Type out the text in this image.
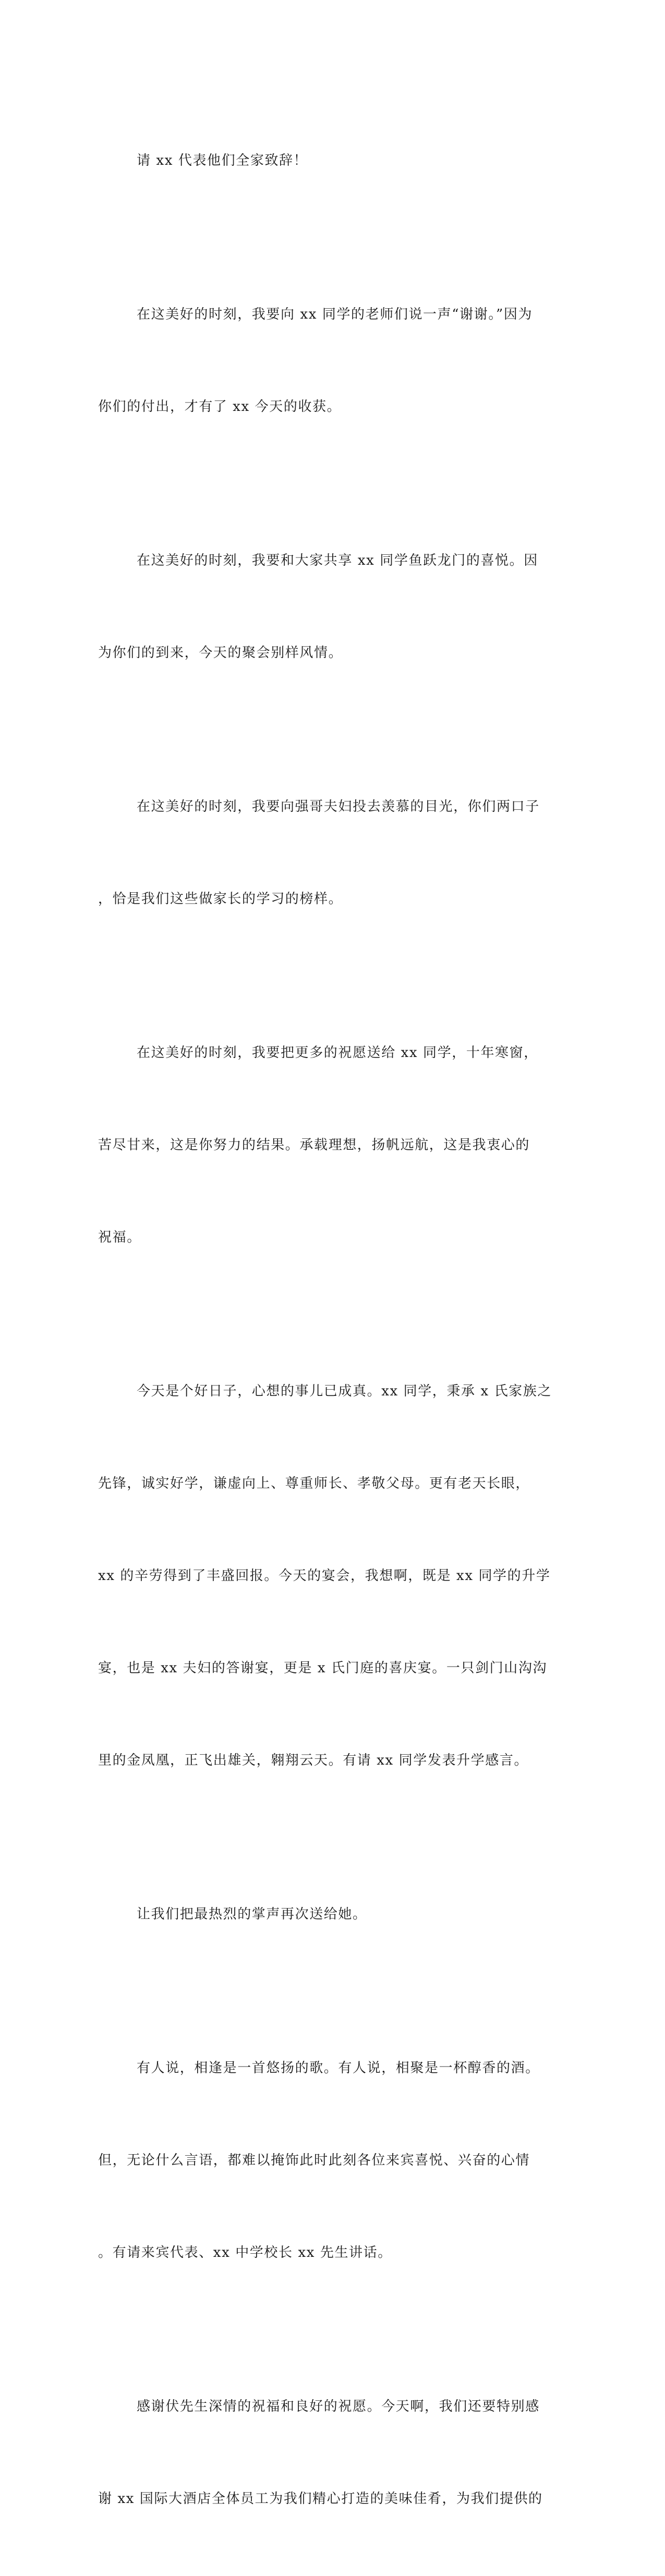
请 xx 代表他们全家致辞！

在这美好的时刻，我要向 xx 同学的老师们说一声“谢谢。”因为

你们的付出，才有了 xx 今天的收获。

在这美好的时刻，我要和大家共享 xx 同学鱼跃龙门的喜悦。因

为你们的到来，今天的聚会别样风情。

在这美好的时刻，我要向强哥夫妇投去羡慕的目光，你们两口子

，恰是我们这些做家长的学习的榜样。

在这美好的时刻，我要把更多的祝愿送给 xx 同学，十年寒窗，

苦尽甘来，这是你努力的结果。承载理想，扬帆远航，这是我衷心的

祝福。

今天是个好日子，心想的事儿已成真。xx 同学，秉承 x 氏家族之

先锋，诚实好学，谦虚向上、尊重师长、孝敬父母。更有老天长眼，

xx 的辛劳得到了丰盛回报。今天的宴会，我想啊，既是 xx 同学的升学

宴，也是 xx 夫妇的答谢宴，更是 x 氏门庭的喜庆宴。一只剑门山沟沟

里的金凤凰，正飞出雄关，翱翔云天。有请 xx 同学发表升学感言。

让我们把最热烈的掌声再次送给她。

有人说，相逢是一首悠扬的歌。有人说，相聚是一杯醇香的酒。

但，无论什么言语，都难以掩饰此时此刻各位来宾喜悦、兴奋的心情

。有请来宾代表、xx 中学校长 xx 先生讲话。

感谢伏先生深情的祝福和良好的祝愿。今天啊，我们还要特别感

谢 xx 国际大酒店全体员工为我们精心打造的美味佳肴，为我们提供的
